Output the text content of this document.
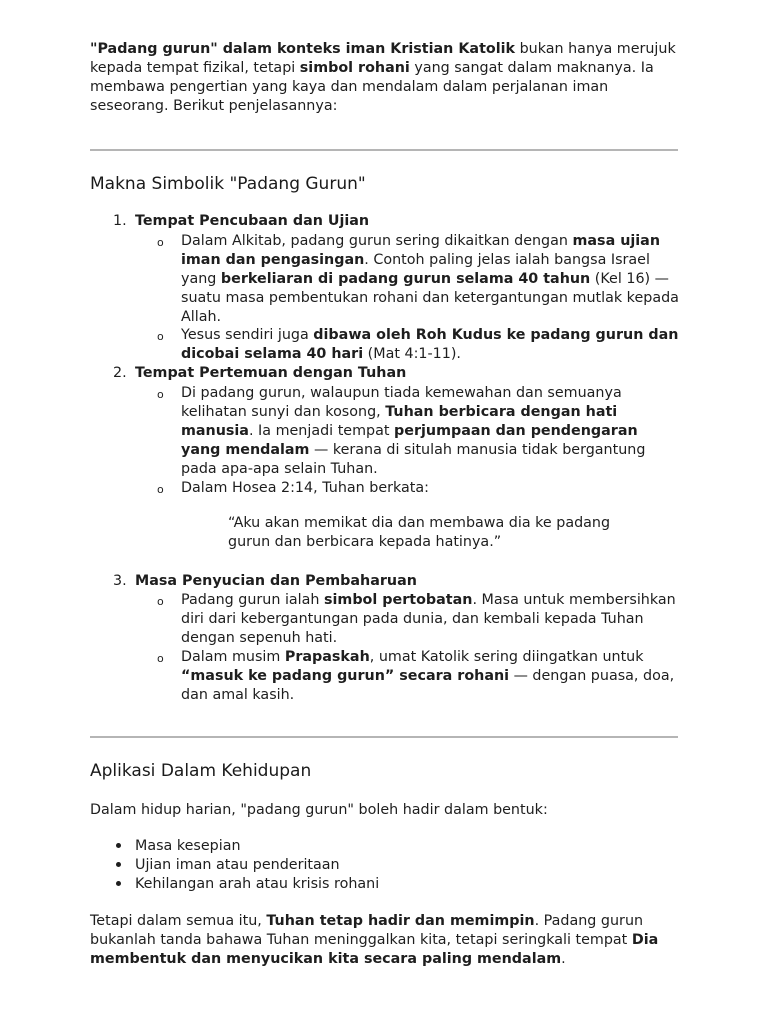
"Padang gurun" dalam konteks iman Kristian Katolik bukan hanya merujuk kepada tempat fizikal, tetapi simbol rohani yang sangat dalam maknanya. Ia membawa pengertian yang kaya dan mendalam dalam perjalanan iman seseorang. Berikut penjelasannya:

Makna Simbolik "Padang Gurun"
1. Tempat Pencubaan dan Ujian
o Dalam Alkitab, padang gurun sering dikaitkan dengan masa ujian iman dan pengasingan. Contoh paling jelas ialah bangsa Israel yang berkeliaran di padang gurun selama 40 tahun (Kel 16) — suatu masa pembentukan rohani dan ketergantungan mutlak kepada Allah.

o Yesus sendiri juga dibawa oleh Roh Kudus ke padang gurun dan dicobai selama 40 hari (Mat 4:1-11).

2. Tempat Pertemuan dengan Tuhan
o Di padang gurun, walaupun tiada kemewahan dan semuanya kelihatan sunyi dan kosong, Tuhan berbicara dengan hati manusia. Ia menjadi tempat perjumpaan dan pendengaran yang mendalam — kerana di situlah manusia tidak bergantung pada apa-apa selain Tuhan.

o Dalam Hosea 2:14, Tuhan berkata:

“Aku akan memikat dia dan membawa dia ke padang gurun dan berbicara kepada hatinya.”

3. Masa Penyucian dan Pembaharuan
o Padang gurun ialah simbol pertobatan. Masa untuk membersihkan diri dari kebergantungan pada dunia, dan kembali kepada Tuhan dengan sepenuh hati.

o Dalam musim Prapaskah, umat Katolik sering diingatkan untuk “masuk ke padang gurun” secara rohani — dengan puasa, doa, dan amal kasih.

Aplikasi Dalam Kehidupan

Dalam hidup harian, "padang gurun" boleh hadir dalam bentuk:

Masa kesepian
Ujian iman atau penderitaan
Kehilangan arah atau krisis rohani

Tetapi dalam semua itu, Tuhan tetap hadir dan memimpin. Padang gurun bukanlah tanda bahawa Tuhan meninggalkan kita, tetapi seringkali tempat Dia membentuk dan menyucikan kita secara paling mendalam.
